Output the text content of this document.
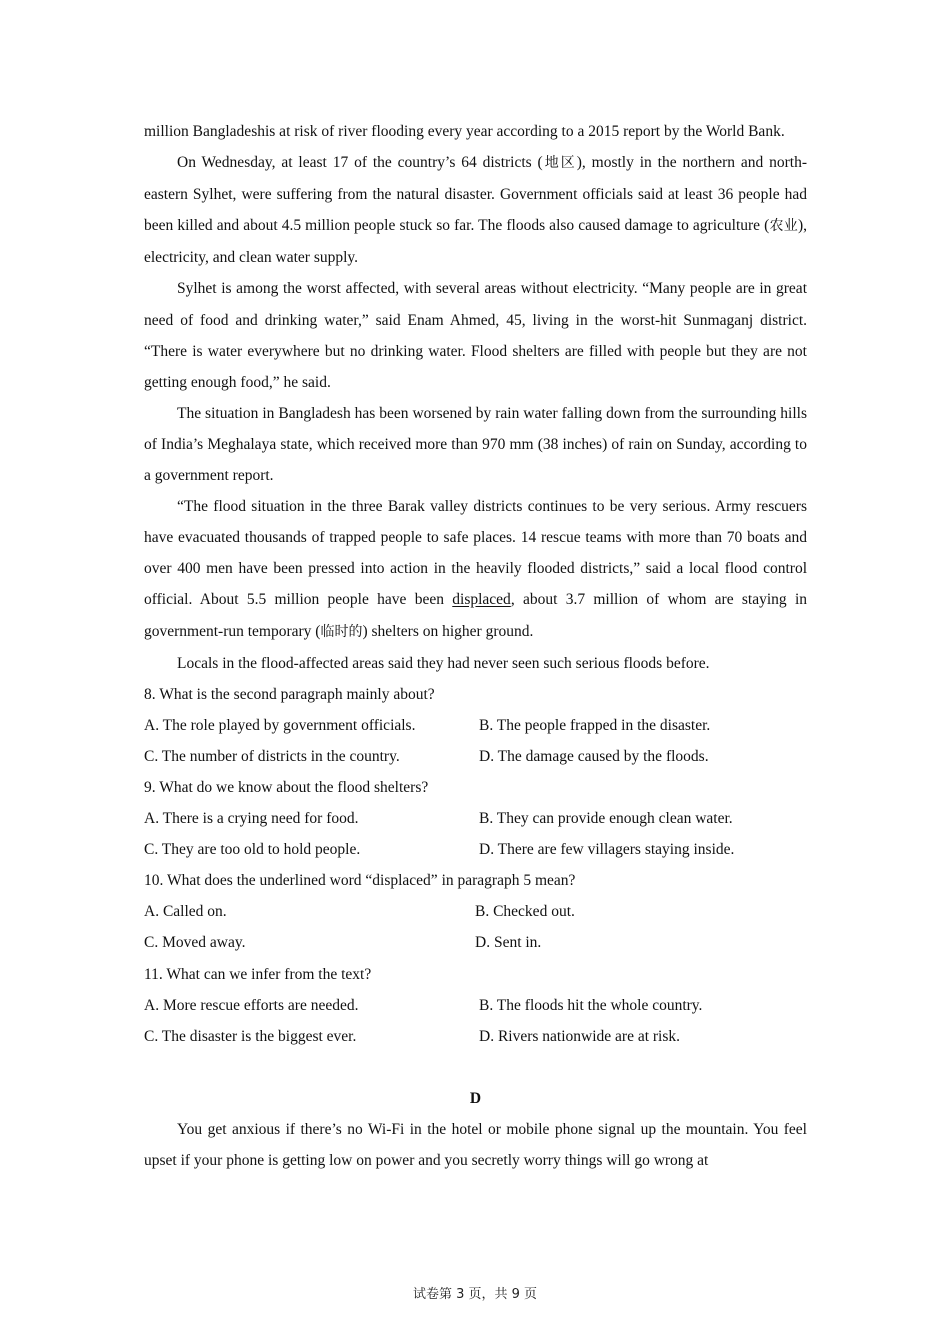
million Bangladeshis at risk of river flooding every year according to a 2015 report by the World Bank.

On Wednesday, at least 17 of the country’s 64 districts (地区), mostly in the northern and north-eastern Sylhet, were suffering from the natural disaster. Government officials said at least 36 people had been killed and about 4.5 million people stuck so far. The floods also caused damage to agriculture (农业), electricity, and clean water supply.

Sylhet is among the worst affected, with several areas without electricity. “Many people are in great need of food and drinking water,” said Enam Ahmed, 45, living in the worst-hit Sunmaganj district. “There is water everywhere but no drinking water. Flood shelters are filled with people but they are not getting enough food,” he said.

The situation in Bangladesh has been worsened by rain water falling down from the surrounding hills of India’s Meghalaya state, which received more than 970 mm (38 inches) of rain on Sunday, according to a government report.

“The flood situation in the three Barak valley districts continues to be very serious. Army rescuers have evacuated thousands of trapped people to safe places. 14 rescue teams with more than 70 boats and over 400 men have been pressed into action in the heavily flooded districts,” said a local flood control official. About 5.5 million people have been displaced, about 3.7 million of whom are staying in government-run temporary (临时的) shelters on higher ground.

Locals in the flood-affected areas said they had never seen such serious floods before.

8. What is the second paragraph mainly about?

A. The role played by government officials.	B. The people frapped in the disaster.
C. The number of districts in the country.	D. The damage caused by the floods.

9. What do we know about the flood shelters?

A. There is a crying need for food.	B. They can provide enough clean water.
C. They are too old to hold people.	D. There are few villagers staying inside.

10. What does the underlined word “displaced” in paragraph 5 mean?

A. Called on.	B. Checked out.
C. Moved away.	D. Sent in.

11. What can we infer from the text?

A. More rescue efforts are needed.	B. The floods hit the whole country.
C. The disaster is the biggest ever.	D. Rivers nationwide are at risk.

D

You get anxious if there’s no Wi-Fi in the hotel or mobile phone signal up the mountain. You feel upset if your phone is getting low on power and you secretly worry things will go wrong at

试卷第 3 页，共 9 页
